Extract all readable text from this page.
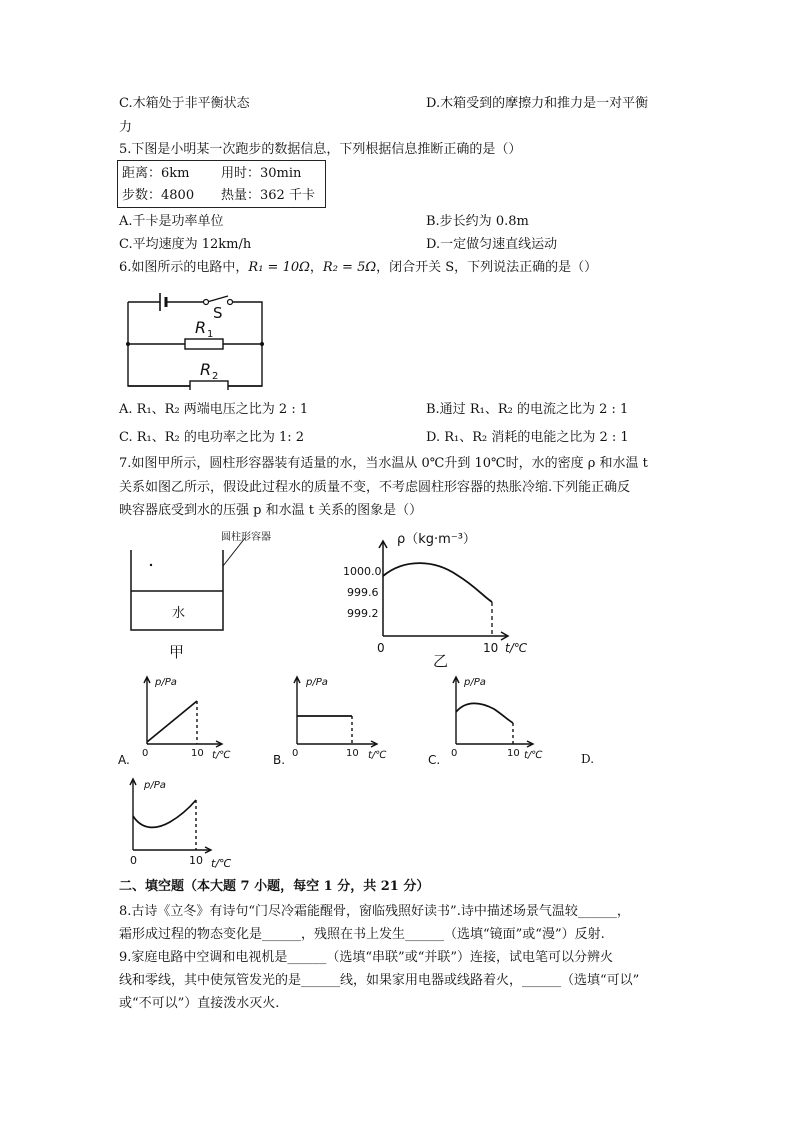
C.木箱处于非平衡状态	D.木箱受到的摩擦力和推力是一对平衡
力
5.下图是小明某一次跑步的数据信息，下列根据信息推断正确的是（）
距离：6km 用时：30min
步数：4800 热量：362 千卡
A.千卡是功率单位	B.步长约为 0.8m
C.平均速度为 12km/h	D.一定做匀速直线运动
6.如图所示的电路中，R₁ = 10Ω，R₂ = 5Ω，闭合开关 S，下列说法正确的是（）
S
R 1
R 2
A. R₁、R₂ 两端电压之比为 2 : 1	B.通过 R₁、R₂ 的电流之比为 2 : 1
C. R₁、R₂ 的电功率之比为 1: 2	D. R₁、R₂ 消耗的电能之比为 2 : 1
7.如图甲所示，圆柱形容器装有适量的水，当水温从 0℃升到 10℃时，水的密度 ρ 和水温 t
关系如图乙所示，假设此过程水的质量不变，不考虑圆柱形容器的热胀冷缩.下列能正确反
映容器底受到水的压强 p 和水温 t 关系的图象是（）
圆柱形容器
水
甲
ρ（kg·m⁻³）
1000.0
999.6
999.2
0	10 t/℃
乙
p/Pa
0	10 t/℃
A.
p/Pa
0	10 t/℃
B.
p/Pa
0	10 t/℃
C.	D.
p/Pa
0	10 t/℃
二、填空题（本大题 7 小题，每空 1 分，共 21 分）
8.古诗《立冬》有诗句“门尽冷霜能醒骨，窗临残照好读书”.诗中描述场景气温较______，
霜形成过程的物态变化是______，残照在书上发生______（选填“镜面”或“漫”）反射.
9.家庭电路中空调和电视机是______（选填“串联”或“并联”）连接，试电笔可以分辨火
线和零线，其中使氖管发光的是______线，如果家用电器或线路着火，______（选填“可以”
或“不可以”）直接泼水灭火.
